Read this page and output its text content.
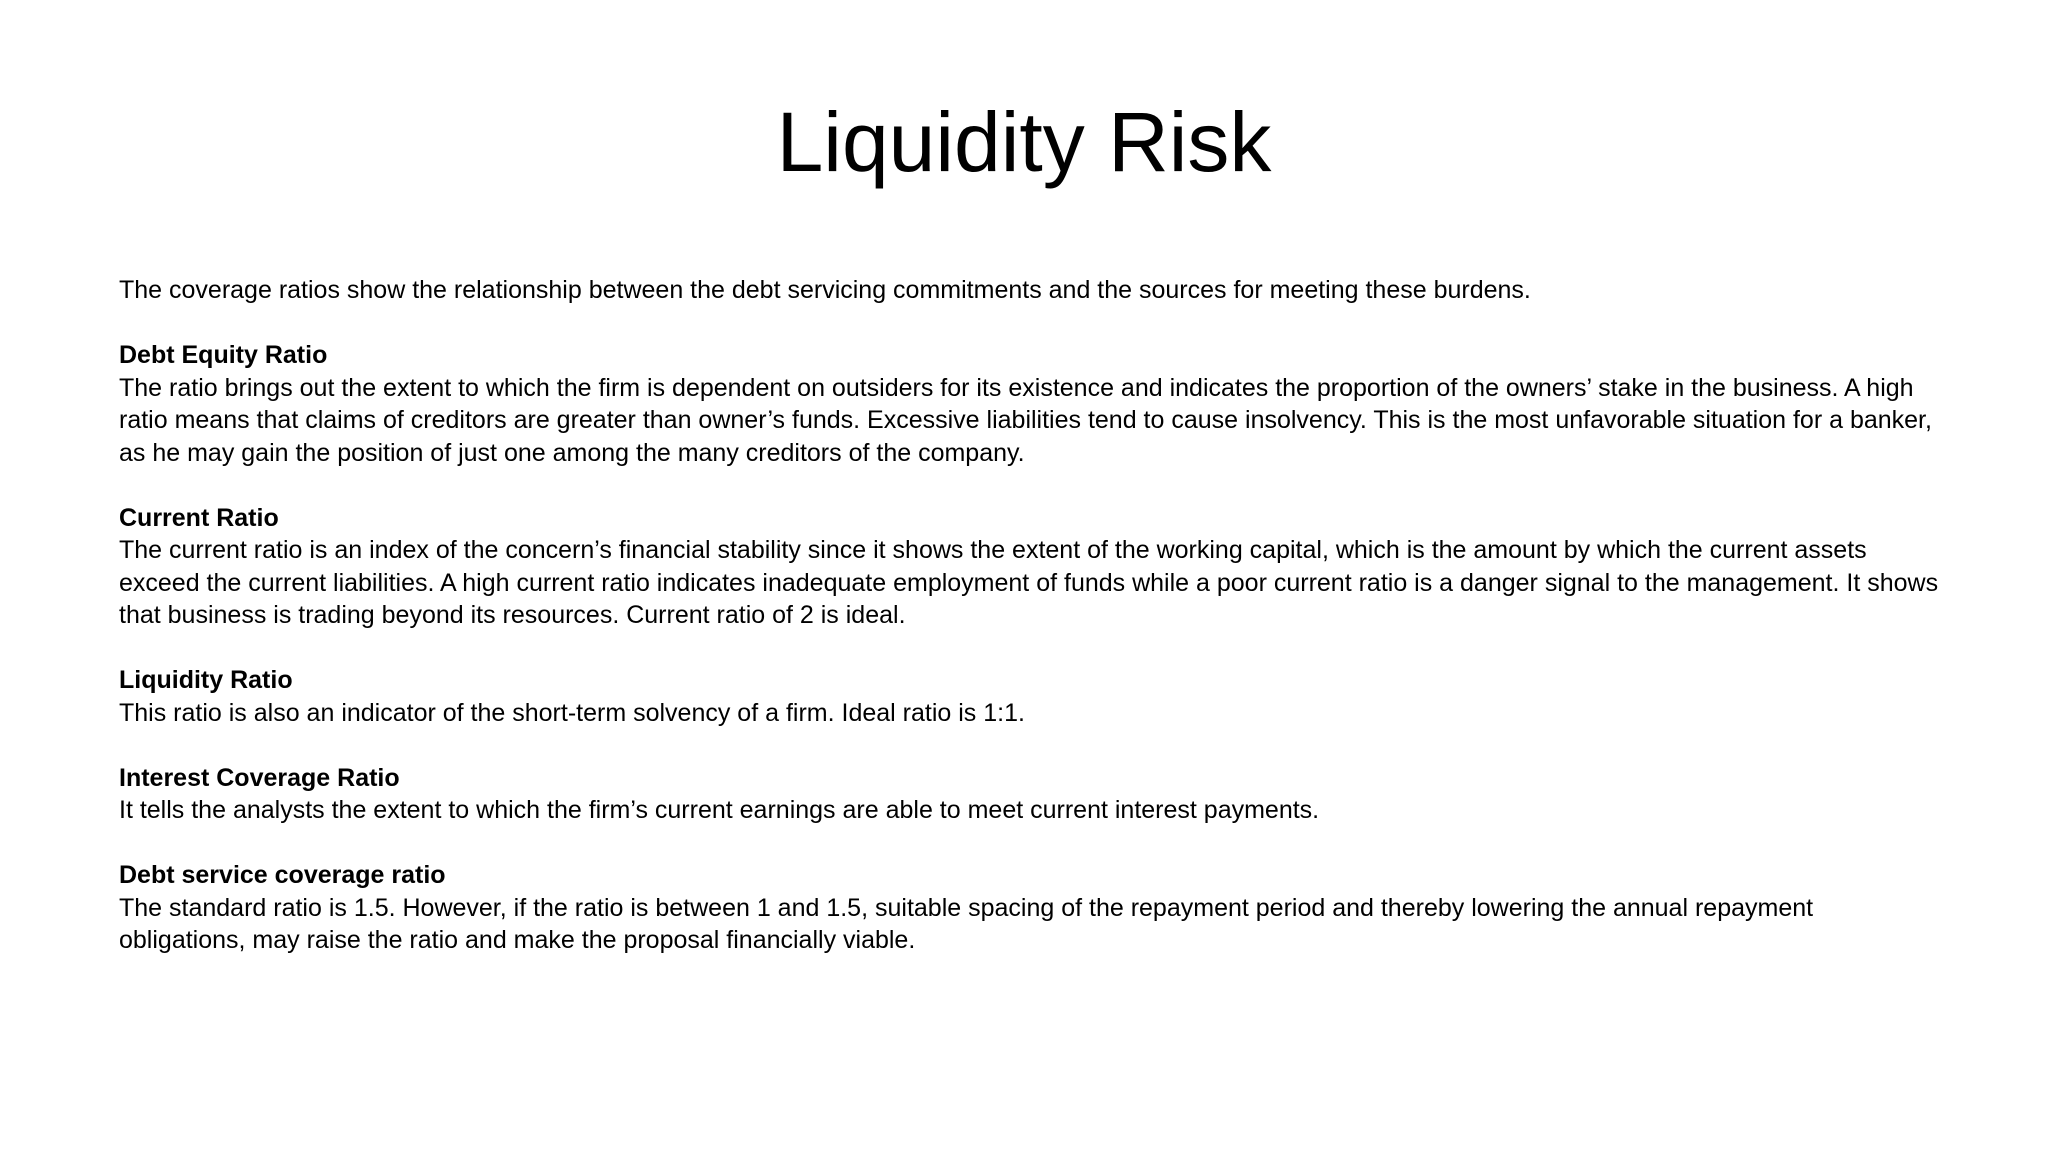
Liquidity Risk

The coverage ratios show the relationship between the debt servicing commitments and the sources for meeting these burdens.

Debt Equity Ratio

The ratio brings out the extent to which the firm is dependent on outsiders for its existence and indicates the proportion of the owners’ stake in the business. A high ratio means that claims of creditors are greater than owner’s funds. Excessive liabilities tend to cause insolvency. This is the most unfavorable situation for a banker, as he may gain the position of just one among the many creditors of the company.

Current Ratio

The current ratio is an index of the concern’s financial stability since it shows the extent of the working capital, which is the amount by which the current assets exceed the current liabilities. A high current ratio indicates inadequate employment of funds while a poor current ratio is a danger signal to the management. It shows that business is trading beyond its resources. Current ratio of 2 is ideal.

Liquidity Ratio

This ratio is also an indicator of the short-term solvency of a firm. Ideal ratio is 1:1.

Interest Coverage Ratio

It tells the analysts the extent to which the firm’s current earnings are able to meet current interest payments.

Debt service coverage ratio

The standard ratio is 1.5. However, if the ratio is between 1 and 1.5, suitable spacing of the repayment period and thereby lowering the annual repayment obligations, may raise the ratio and make the proposal financially viable.
